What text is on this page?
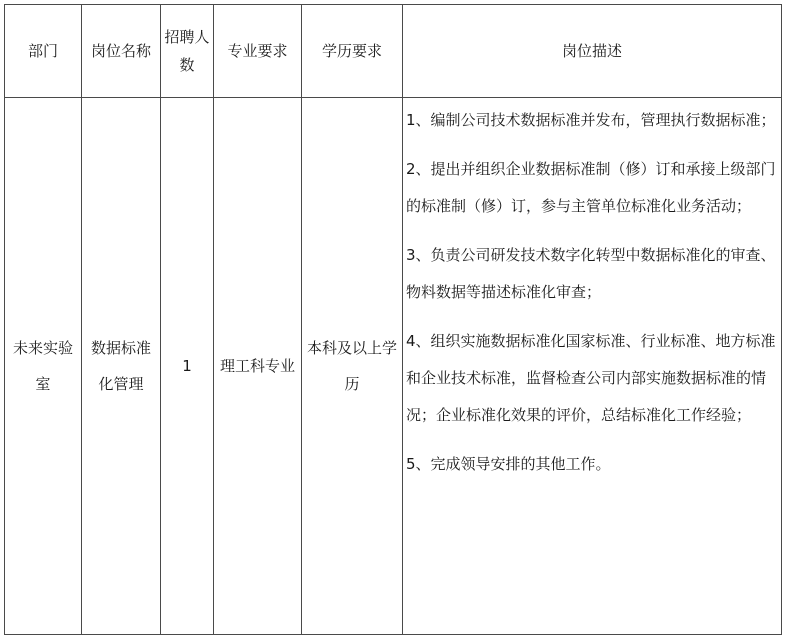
部门	岗位名称	招聘人数	专业要求	学历要求	岗位描述
未来实验室	数据标准化管理	1	理工科专业	本科及以上学历	1、编制公司技术数据标准并发布，管理执行数据标准；
2、提出并组织企业数据标准制（修）订和承接上级部门的标准制（修）订，参与主管单位标准化业务活动；
3、负责公司研发技术数字化转型中数据标准化的审查、物料数据等描述标准化审查；
4、组织实施数据标准化国家标准、行业标准、地方标准和企业技术标准，监督检查公司内部实施数据标准的情况；企业标准化效果的评价，总结标准化工作经验；
5、完成领导安排的其他工作。
